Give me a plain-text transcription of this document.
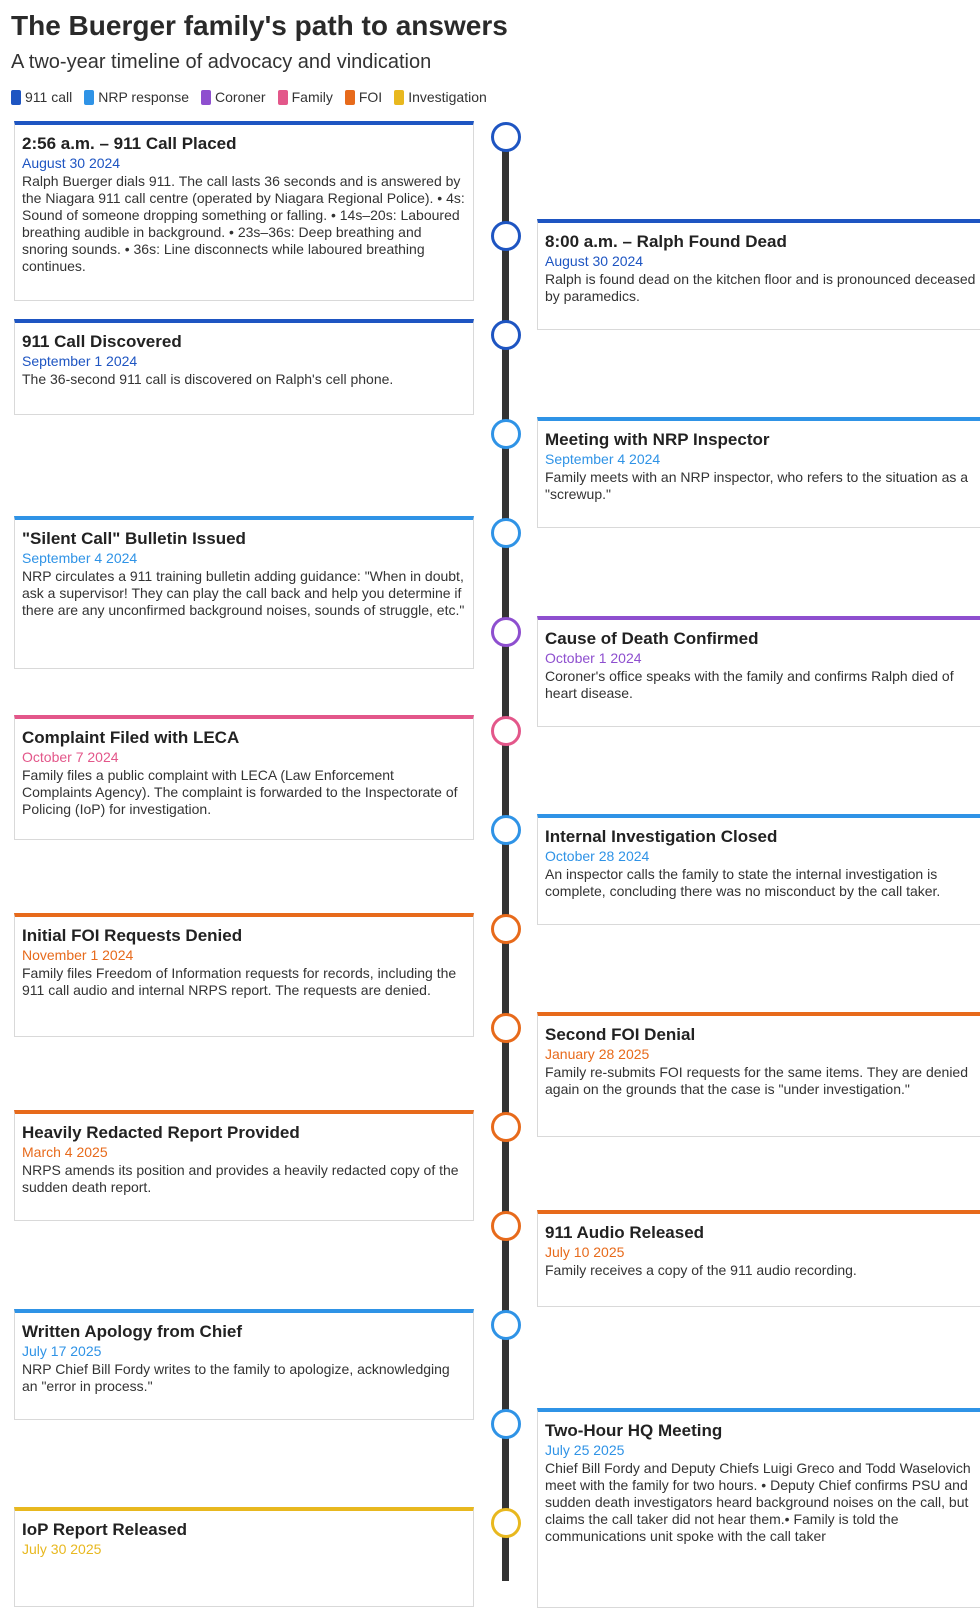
The Buerger family's path to answers
A two-year timeline of advocacy and vindication
911 call NRP response Coroner Family FOI Investigation
2:56 a.m. – 911 Call Placed
August 30 2024
Ralph Buerger dials 911. The call lasts 36 seconds and is answered by the Niagara 911 call centre (operated by Niagara Regional Police). • 4s: Sound of someone dropping something or falling. • 14s–20s: Laboured breathing audible in background. • 23s–36s: Deep breathing and snoring sounds. • 36s: Line disconnects while laboured breathing continues.
8:00 a.m. – Ralph Found Dead
August 30 2024
Ralph is found dead on the kitchen floor and is pronounced deceased by paramedics.
911 Call Discovered
September 1 2024
The 36-second 911 call is discovered on Ralph's cell phone.
Meeting with NRP Inspector
September 4 2024
Family meets with an NRP inspector, who refers to the situation as a "screwup."
"Silent Call" Bulletin Issued
September 4 2024
NRP circulates a 911 training bulletin adding guidance: "When in doubt, ask a supervisor! They can play the call back and help you determine if there are any unconfirmed background noises, sounds of struggle, etc."
Cause of Death Confirmed
October 1 2024
Coroner's office speaks with the family and confirms Ralph died of heart disease.
Complaint Filed with LECA
October 7 2024
Family files a public complaint with LECA (Law Enforcement Complaints Agency). The complaint is forwarded to the Inspectorate of Policing (IoP) for investigation.
Internal Investigation Closed
October 28 2024
An inspector calls the family to state the internal investigation is complete, concluding there was no misconduct by the call taker.
Initial FOI Requests Denied
November 1 2024
Family files Freedom of Information requests for records, including the 911 call audio and internal NRPS report. The requests are denied.
Second FOI Denial
January 28 2025
Family re-submits FOI requests for the same items. They are denied again on the grounds that the case is "under investigation."
Heavily Redacted Report Provided
March 4 2025
NRPS amends its position and provides a heavily redacted copy of the sudden death report.
911 Audio Released
July 10 2025
Family receives a copy of the 911 audio recording.
Written Apology from Chief
July 17 2025
NRP Chief Bill Fordy writes to the family to apologize, acknowledging an "error in process."
Two-Hour HQ Meeting
July 25 2025
Chief Bill Fordy and Deputy Chiefs Luigi Greco and Todd Waselovich meet with the family for two hours. • Deputy Chief confirms PSU and sudden death investigators heard background noises on the call, but claims the call taker did not hear them.• Family is told the communications unit spoke with the call taker
IoP Report Released
July 30 2025
